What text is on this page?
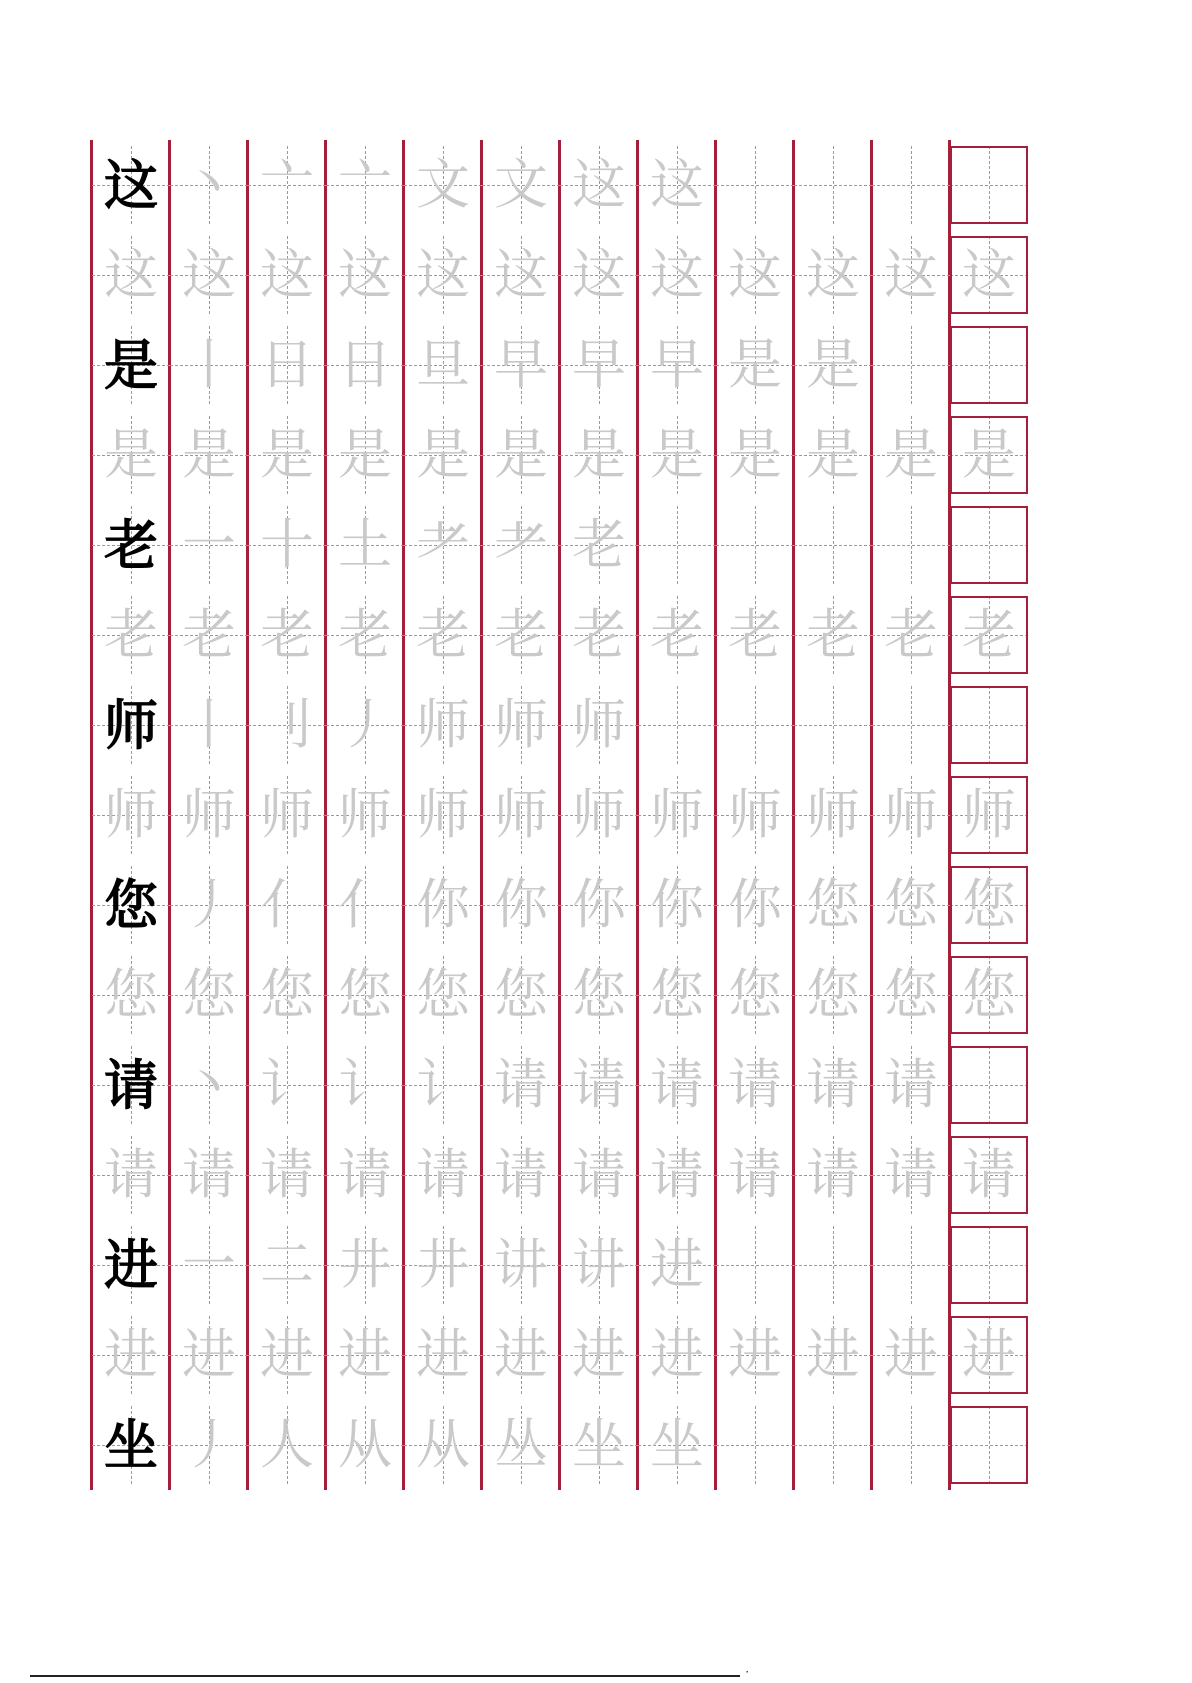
这 丶 亠 亠 文 文 这 这
这 这 这 这 这 这 这 这 这 这 这 这
是 丨 日 日 旦 早 早 早 是 是
是 是 是 是 是 是 是 是 是 是 是 是
老 一 十 土 耂 耂 老
老 老 老 老 老 老 老 老 老 老 老 老
师 丨 刂 丿 师 师 师
师 师 师 师 师 师 师 师 师 师 师 师
您 丿 亻 亻 你 你 你 你 你 您 您 您
您 您 您 您 您 您 您 您 您 您 您 您
请 丶 讠 讠 讠 请 请 请 请 请 请
请 请 请 请 请 请 请 请 请 请 请 请
进 一 二 井 井 讲 讲 进
进 进 进 进 进 进 进 进 进 进 进 进
坐 丿 人 从 从 丛 坐 坐
⠂
